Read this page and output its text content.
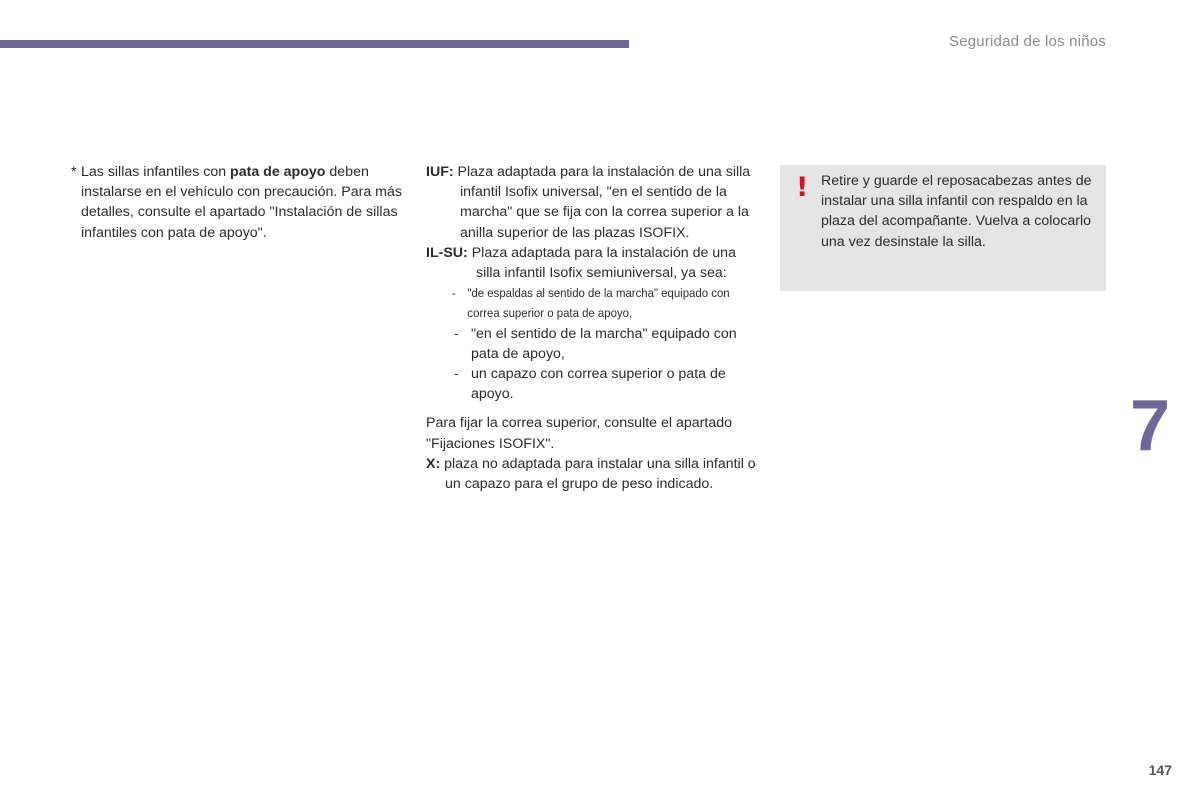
Seguridad de los niños

* Las sillas infantiles con pata de apoyo deben instalarse en el vehículo con precaución. Para más detalles, consulte el apartado "Instalación de sillas infantiles con pata de apoyo".

IUF: Plaza adaptada para la instalación de una silla infantil Isofix universal, "en el sentido de la marcha" que se fija con la correa superior a la anilla superior de las plazas ISOFIX.

IL-SU: Plaza adaptada para la instalación de una silla infantil Isofix semiuniversal, ya sea:

- "de espaldas al sentido de la marcha" equipado con correa superior o pata de apoyo,
- "en el sentido de la marcha" equipado con pata de apoyo,
- un capazo con correa superior o pata de apoyo.

Para fijar la correa superior, consulte el apartado "Fijaciones ISOFIX".

X: plaza no adaptada para instalar una silla infantil o un capazo para el grupo de peso indicado.

! Retire y guarde el reposacabezas antes de instalar una silla infantil con respaldo en la plaza del acompañante. Vuelva a colocarlo una vez desinstale la silla.

7
147
